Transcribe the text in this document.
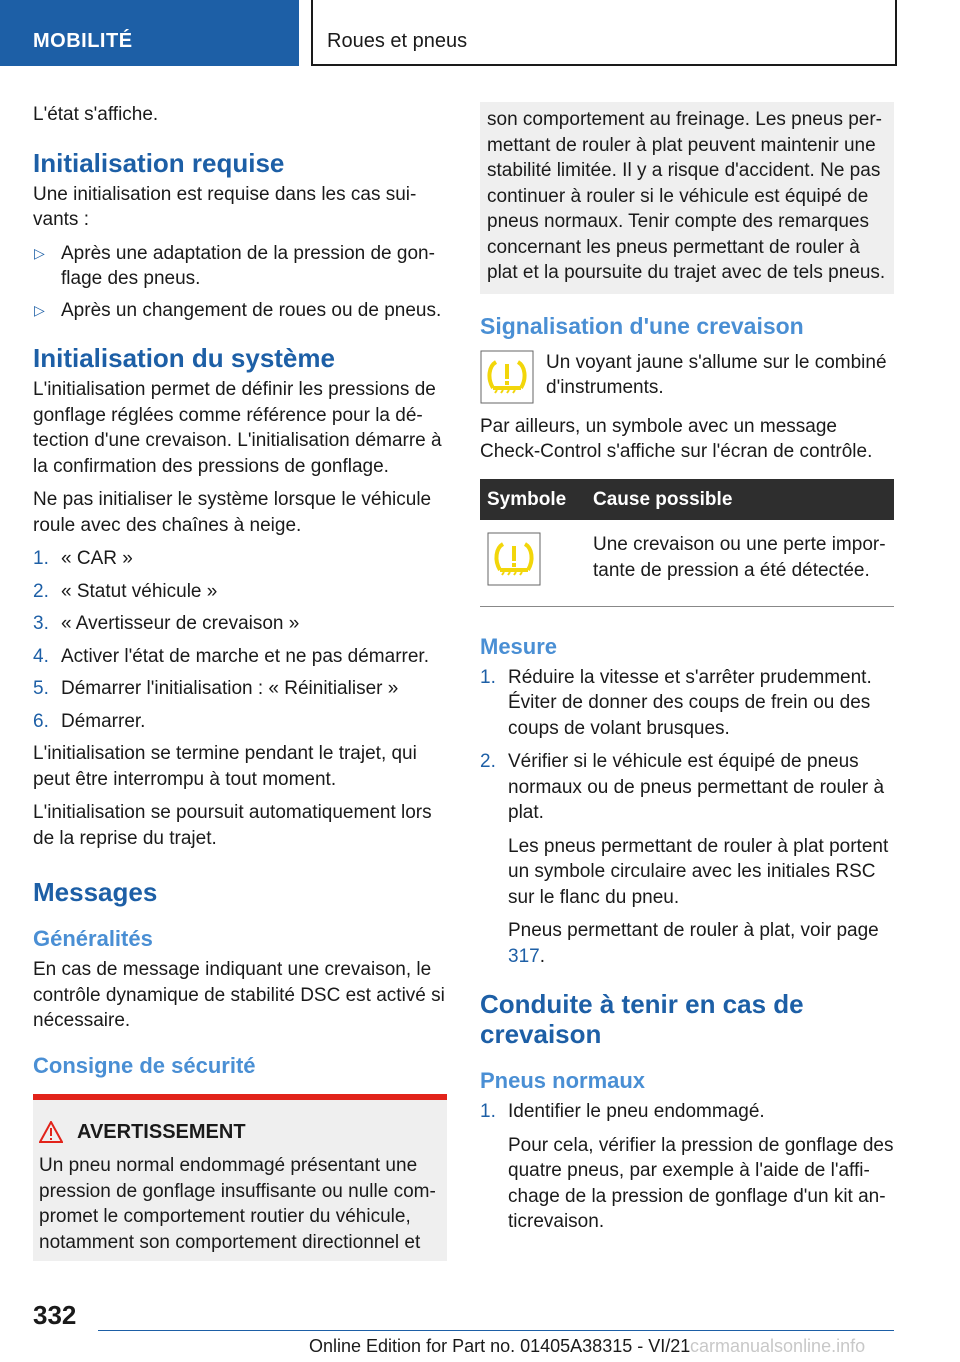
MOBILITÉ	Roues et pneus

L'état s'affiche.

Initialisation requise

Une initialisation est requise dans les cas sui-vants :

▷ Après une adaptation de la pression de gon-flage des pneus.
▷ Après un changement de roues ou de pneus.
Initialisation du système

L'initialisation permet de définir les pressions de gonflage réglées comme référence pour la dé-tection d'une crevaison. L'initialisation démarre à la confirmation des pressions de gonflage.

Ne pas initialiser le système lorsque le véhicule roule avec des chaînes à neige.

1. « CAR »
2. « Statut véhicule »
3. « Avertisseur de crevaison »
4. Activer l'état de marche et ne pas démarrer.
5. Démarrer l'initialisation : « Réinitialiser »
6. Démarrer.

L'initialisation se termine pendant le trajet, qui peut être interrompu à tout moment.

L'initialisation se poursuit automatiquement lors de la reprise du trajet.

Messages
Généralités

En cas de message indiquant une crevaison, le contrôle dynamique de stabilité DSC est activé si nécessaire.

Consigne de sécurité
AVERTISSEMENT
Un pneu normal endommagé présentant une pression de gonflage insuffisante ou nulle com-promet le comportement routier du véhicule, notamment son comportement directionnel et
son comportement au freinage. Les pneus per-mettant de rouler à plat peuvent maintenir une stabilité limitée. Il y a risque d'accident. Ne pas continuer à rouler si le véhicule est équipé de pneus normaux. Tenir compte des remarques concernant les pneus permettant de rouler à plat et la poursuite du trajet avec de tels pneus.
Signalisation d'une crevaison
Un voyant jaune s'allume sur le combiné d'instruments.

Par ailleurs, un symbole avec un message Check-Control s'affiche sur l'écran de contrôle.

Symbole	Cause possible
	Une crevaison ou une perte impor-tante de pression a été détectée.
Mesure
1. Réduire la vitesse et s'arrêter prudemment. Éviter de donner des coups de frein ou des coups de volant brusques.

2. Vérifier si le véhicule est équipé de pneus normaux ou de pneus permettant de rouler à plat.

Les pneus permettant de rouler à plat portent un symbole circulaire avec les initiales RSC sur le flanc du pneu.

Pneus permettant de rouler à plat, voir page 317.

Conduite à tenir en cas de crevaison
Pneus normaux
1. Identifier le pneu endommagé.

Pour cela, vérifier la pression de gonflage des quatre pneus, par exemple à l'aide de l'affi-chage de la pression de gonflage d'un kit an-ticrevaison.

332
Online Edition for Part no. 01405A38315 - VI/21 carmanualsonline.info
